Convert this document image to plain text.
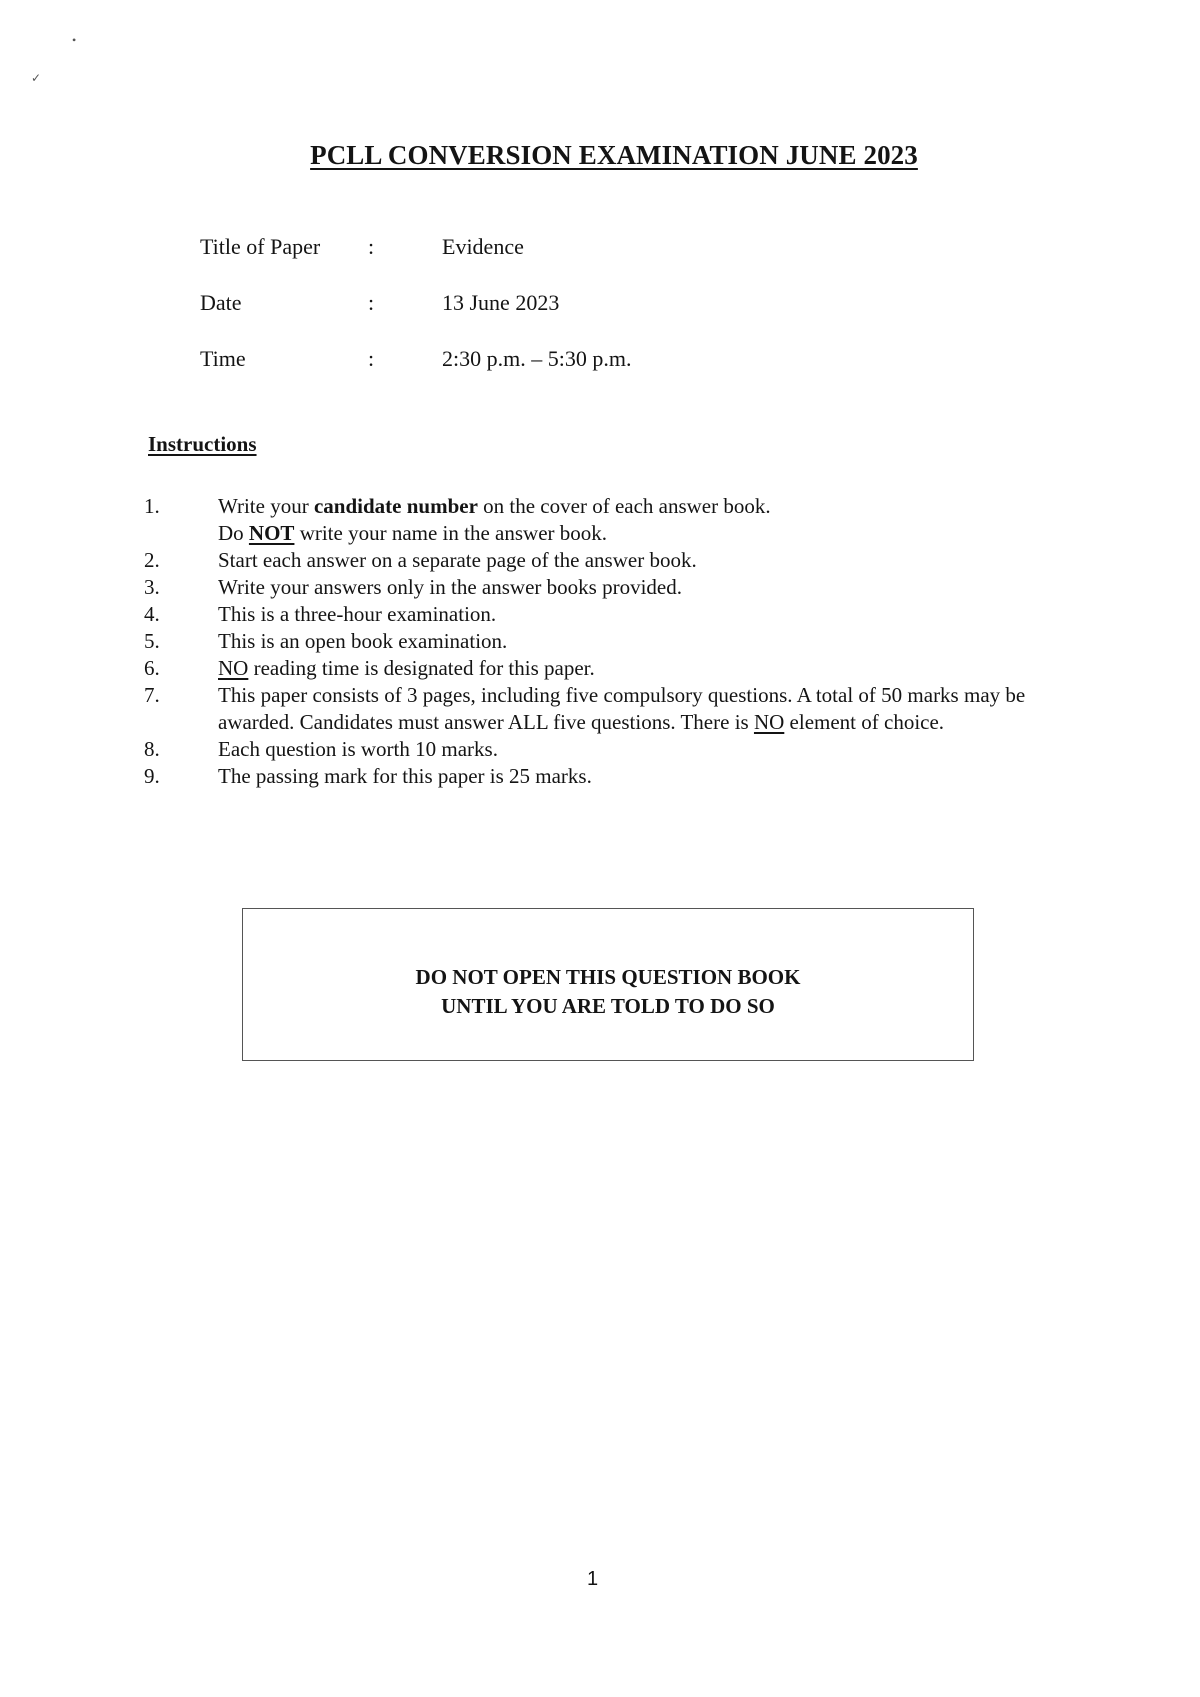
•
✓
PCLL CONVERSION EXAMINATION JUNE 2023
Title of Paper	:	Evidence
Date	:	13 June 2023
Time	:	2:30 p.m. – 5:30 p.m.
Instructions
1.	Write your candidate number on the cover of each answer book.
Do NOT write your name in the answer book.
2.	Start each answer on a separate page of the answer book.
3.	Write your answers only in the answer books provided.
4.	This is a three-hour examination.
5.	This is an open book examination.
6.	NO reading time is designated for this paper.
7.	This paper consists of 3 pages, including five compulsory questions. A total of 50 marks may be awarded. Candidates must answer ALL five questions. There is NO element of choice.
8.	Each question is worth 10 marks.
9.	The passing mark for this paper is 25 marks.
DO NOT OPEN THIS QUESTION BOOK
UNTIL YOU ARE TOLD TO DO SO
1
